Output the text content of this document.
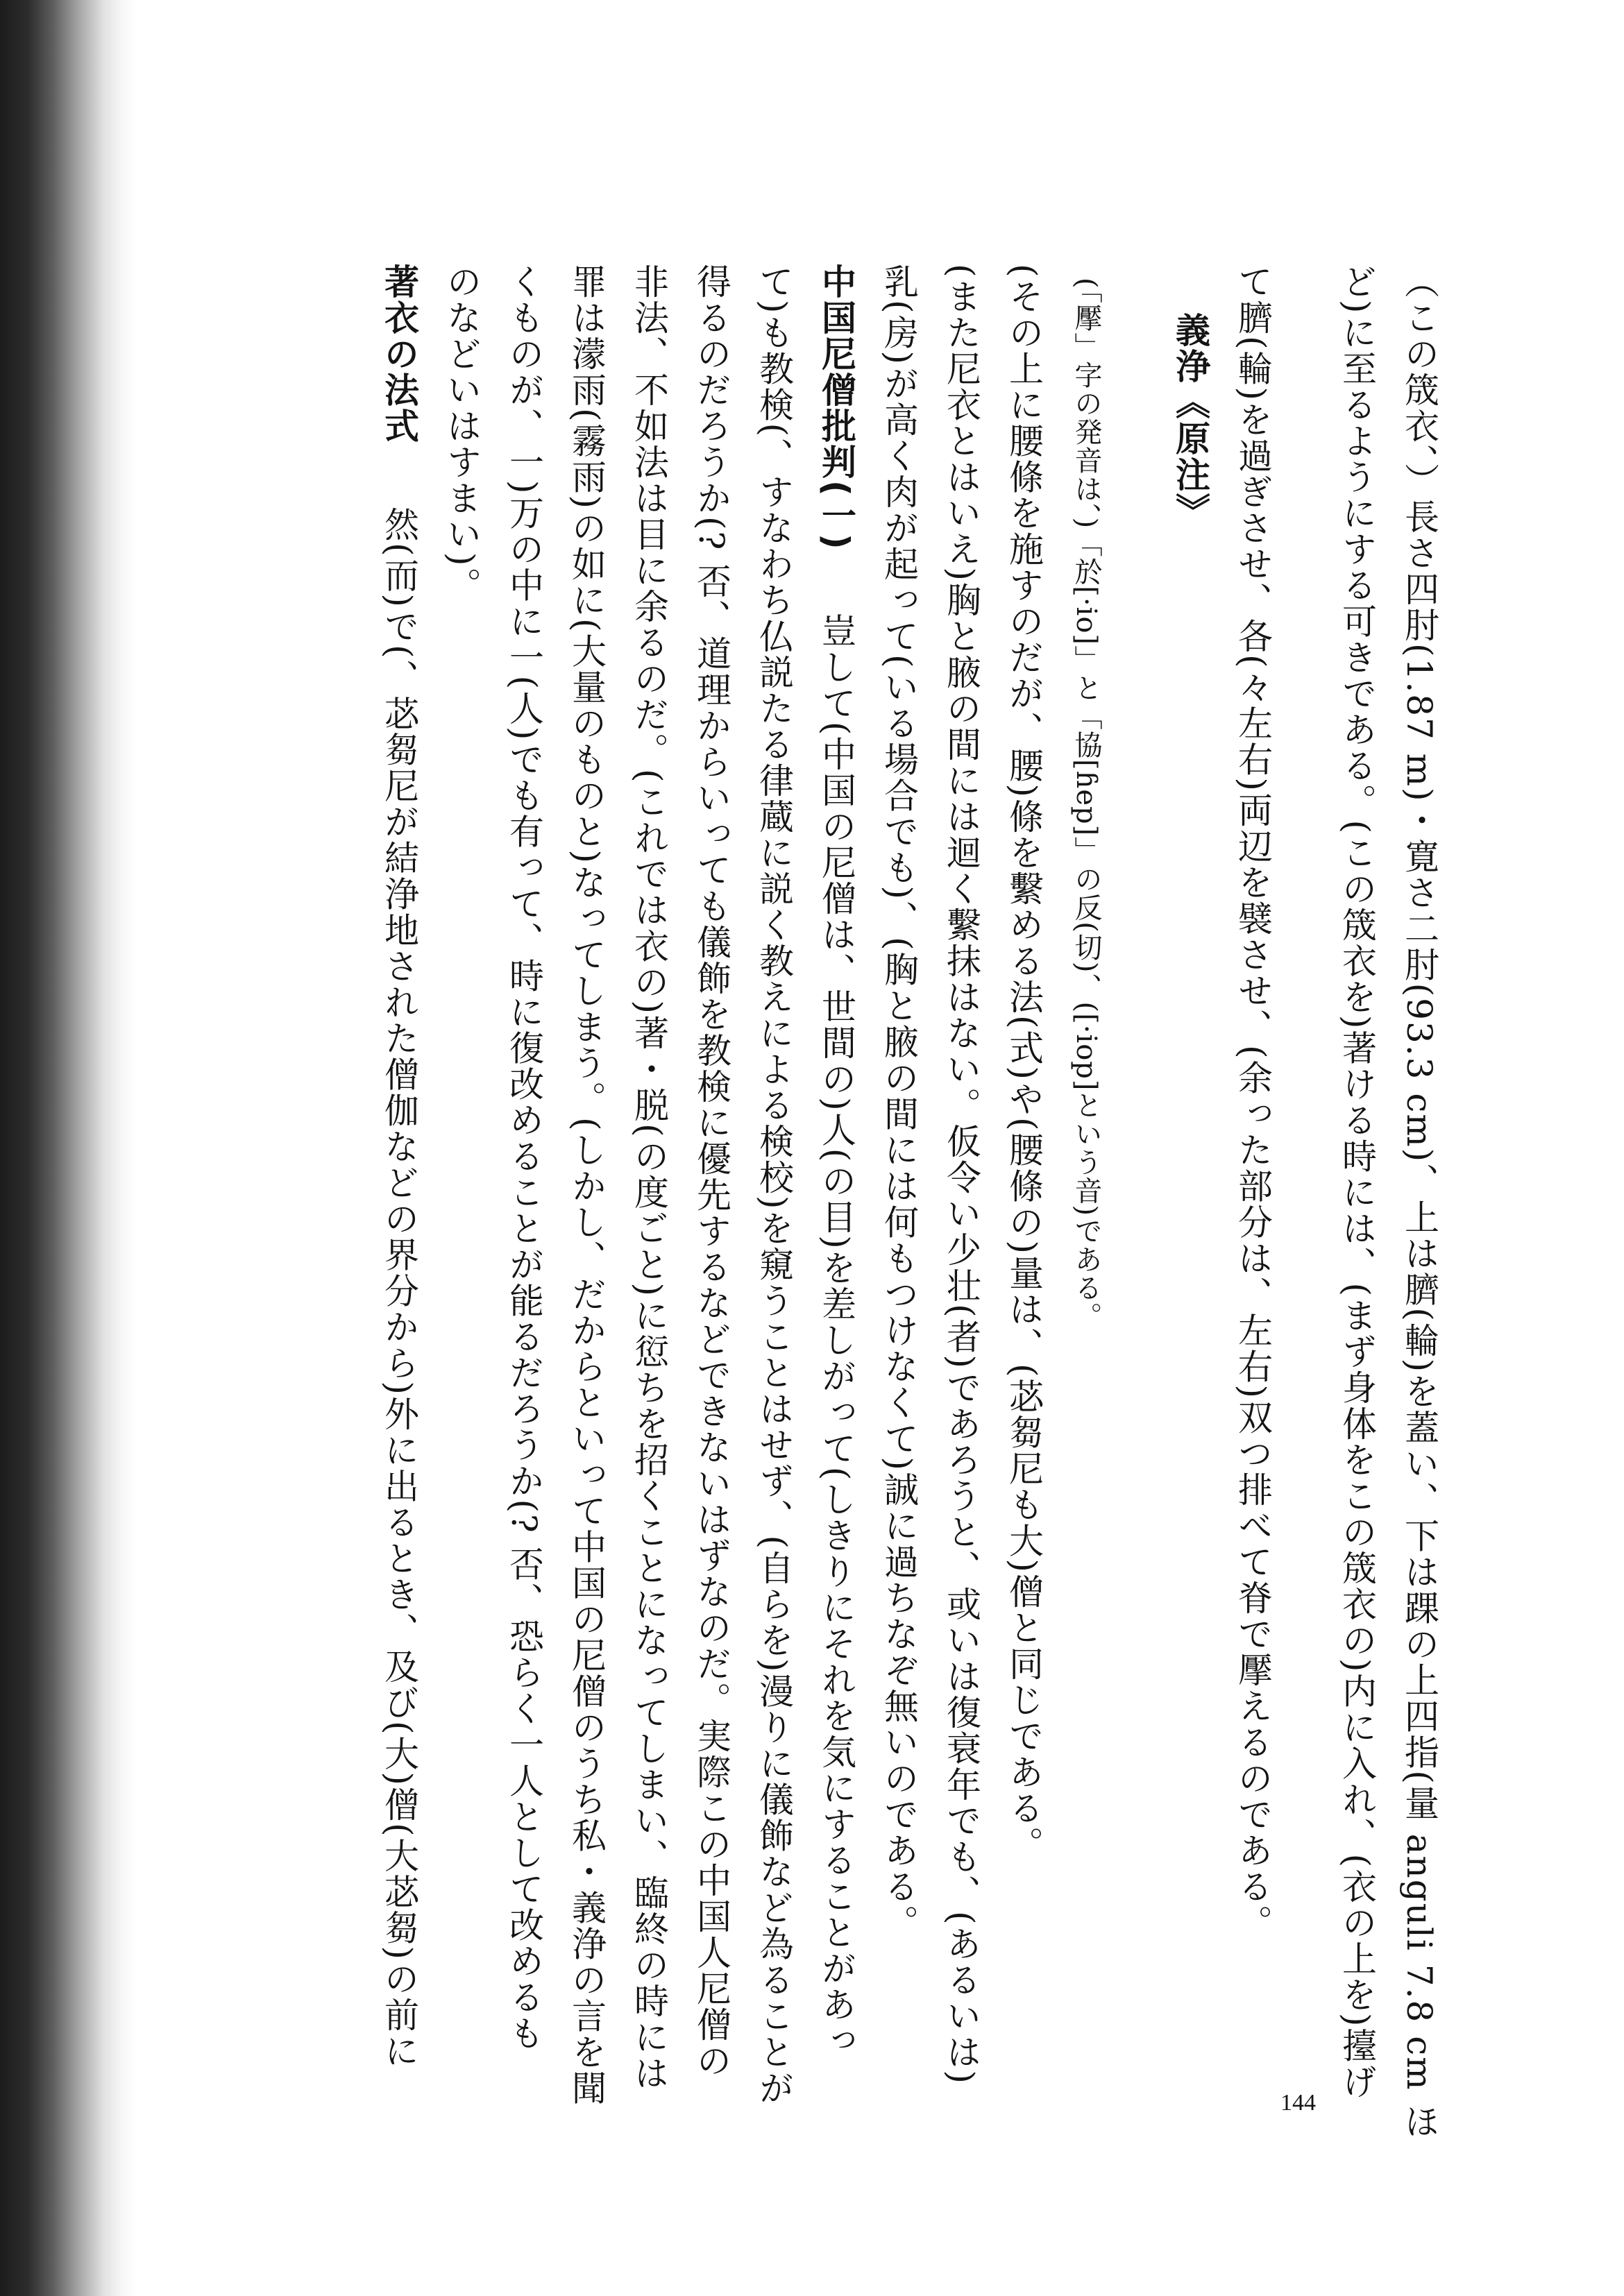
（この筬衣、）長さ四肘(1.87 m)・寛さ二肘(93.3 cm)、上は臍(輪)を蓋い、下は踝の上四指(量 anguli 7.8 cm ほ

ど)に至るようにする可きである。(この筬衣を)著ける時には、(まず身体をこの筬衣の)内に入れ、(衣の上を)擡げ

て臍(輪)を過ぎさせ、各(々左右)両辺を襞させ、(余った部分は、左右)双つ排べて脊で擪えるのである。

義浄《原注》

(「擪」字の発音は、)「於[·io]」と「協[ɦep]」の反(切)、([·iop]という音)である。

(その上に腰條を施すのだが、腰)條を繫める法(式)や(腰條の)量は、(苾芻尼も大)僧と同じである。

(また尼衣とはいえ)胸と腋の間には迴く繫抹はない。仮令い少壮(者)であろうと、或いは復衰年でも、(あるいは)

乳(房)が高く肉が起って(いる場合でも)、(胸と腋の間には何もつけなくて)誠に過ちなぞ無いのである。

中国尼僧批判(一)豈して(中国の尼僧は、世間の)人(の目)を差しがって(しきりにそれを気にすることがあっ

て)も教検(、すなわち仏説たる律蔵に説く教えによる検校)を窺うことはせず、(自らを)漫りに儀飾など為ることが

得るのだろうか(? 否、道理からいっても儀飾を教検に優先するなどできないはずなのだ。実際この中国人尼僧の

非法、不如法は目に余るのだ。(これでは衣の)著・脱(の度ごと)に愆ちを招くことになってしまい、臨終の時には

罪は濛雨(霧雨)の如に(大量のものと)なってしまう。(しかし、だからといって中国の尼僧のうち私・義浄の言を聞

くものが、一)万の中に一(人)でも有って、時に復改めることが能るだろうか(? 否、恐らく一人として改めるも

のなどいはすまい)。

著衣の法式然(而)で(、苾芻尼が結浄地された僧伽などの界分から)外に出るとき、及び(大)僧(大苾芻)の前に

144
